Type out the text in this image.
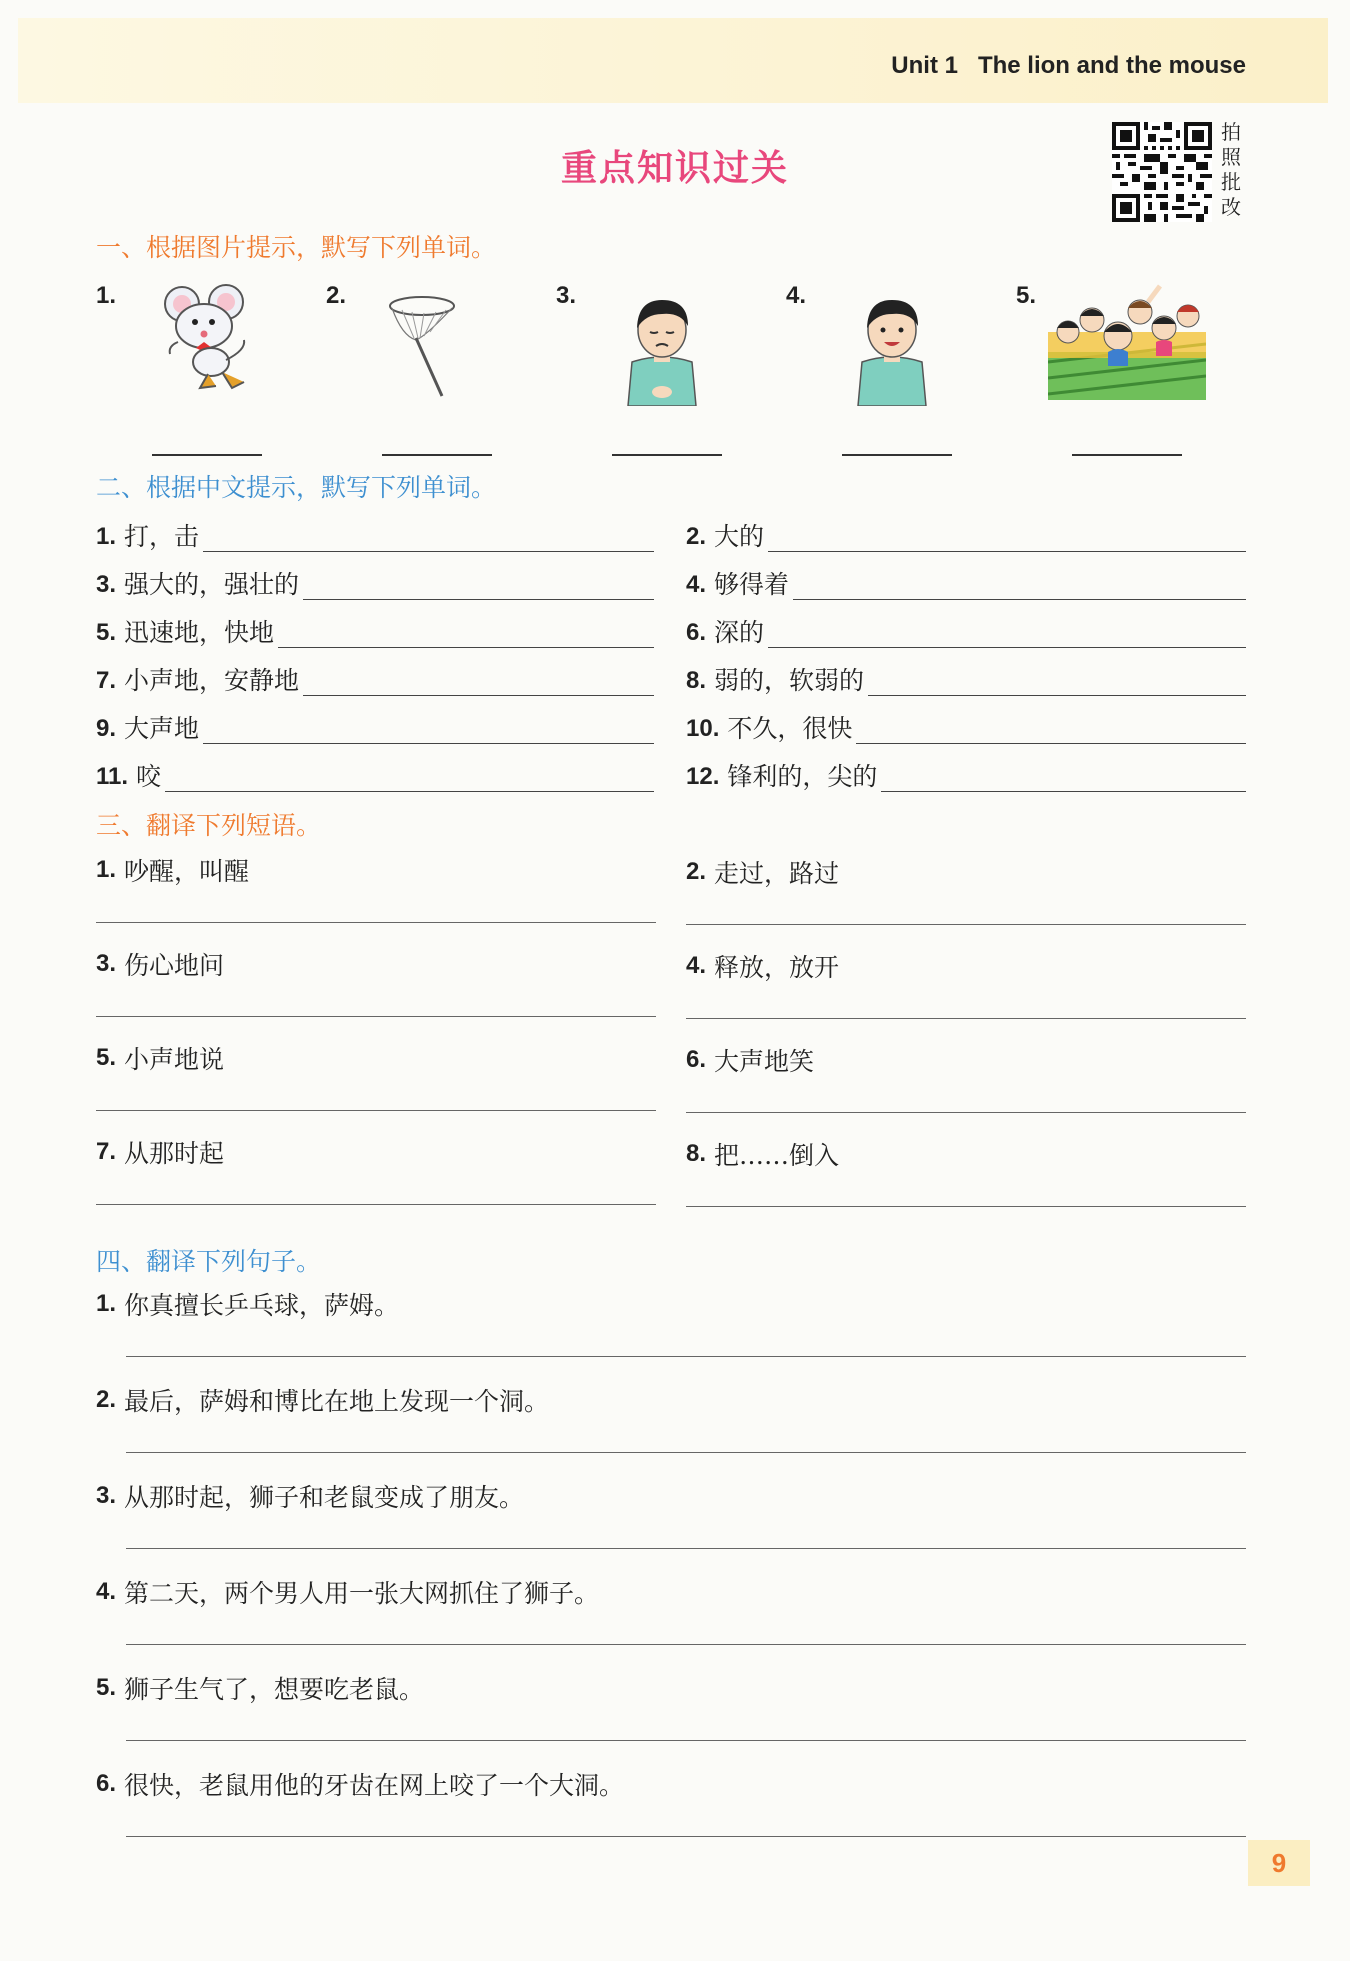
Unit 1 The lion and the mouse
重点知识过关
拍
照
批
改
一、根据图片提示，默写下列单词。
1.	2.	3.	4.	5.
二、根据中文提示，默写下列单词。
1. 打，击	2. 大的
3. 强大的，强壮的	4. 够得着
5. 迅速地，快地	6. 深的
7. 小声地，安静地	8. 弱的，软弱的
9. 大声地	10. 不久，很快
11. 咬	12. 锋利的，尖的
三、翻译下列短语。
1. 吵醒，叫醒	2. 走过，路过
3. 伤心地问	4. 释放，放开
5. 小声地说	6. 大声地笑
7. 从那时起	8. 把……倒入
四、翻译下列句子。
1. 你真擅长乒乓球，萨姆。
2. 最后，萨姆和博比在地上发现一个洞。
3. 从那时起，狮子和老鼠变成了朋友。
4. 第二天，两个男人用一张大网抓住了狮子。
5. 狮子生气了，想要吃老鼠。
6. 很快，老鼠用他的牙齿在网上咬了一个大洞。
9
